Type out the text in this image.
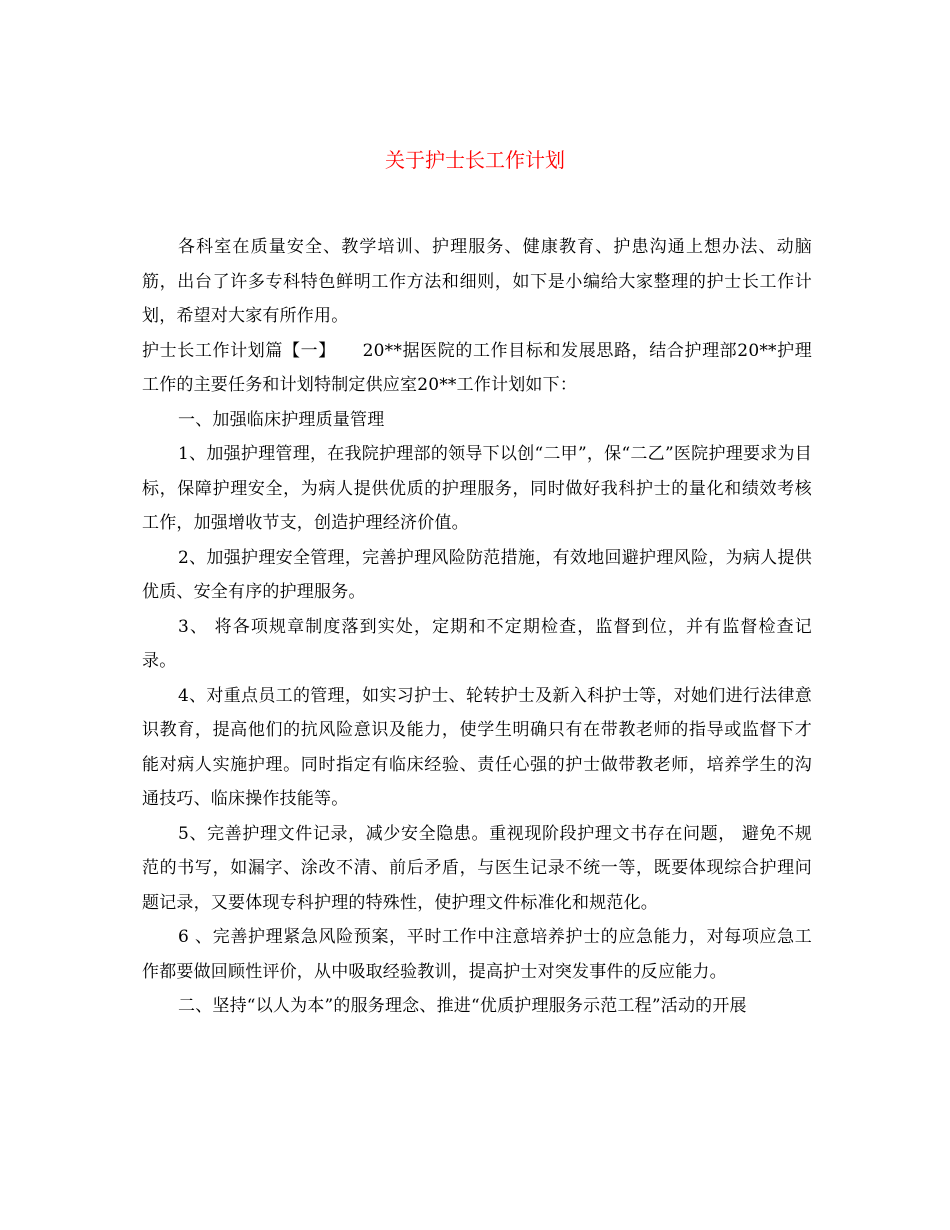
关于护士长工作计划

各科室在质量安全、教学培训、护理服务、健康教育、护患沟通上想办法、动脑筋，出台了许多专科特色鲜明工作方法和细则，如下是小编给大家整理的护士长工作计划，希望对大家有所作用。

护士长工作计划篇【一】　　20**据医院的工作目标和发展思路，结合护理部20**护理工作的主要任务和计划特制定供应室20**工作计划如下：

一、加强临床护理质量管理

1、加强护理管理，在我院护理部的领导下以创“二甲”，保“二乙”医院护理要求为目标，保障护理安全，为病人提供优质的护理服务，同时做好我科护士的量化和绩效考核工作，加强增收节支，创造护理经济价值。

2、加强护理安全管理，完善护理风险防范措施，有效地回避护理风险，为病人提供优质、安全有序的护理服务。

3、 将各项规章制度落到实处，定期和不定期检查，监督到位，并有监督检查记录。

4、对重点员工的管理，如实习护士、轮转护士及新入科护士等，对她们进行法律意识教育，提高他们的抗风险意识及能力，使学生明确只有在带教老师的指导或监督下才能对病人实施护理。同时指定有临床经验、责任心强的护士做带教老师，培养学生的沟通技巧、临床操作技能等。

5、完善护理文件记录，减少安全隐患。重视现阶段护理文书存在问题， 避免不规范的书写，如漏字、涂改不清、前后矛盾，与医生记录不统一等，既要体现综合护理问题记录，又要体现专科护理的特殊性，使护理文件标准化和规范化。

6 、完善护理紧急风险预案，平时工作中注意培养护士的应急能力，对每项应急工作都要做回顾性评价，从中吸取经验教训，提高护士对突发事件的反应能力。

二、坚持“以人为本”的服务理念、推进“优质护理服务示范工程”活动的开展
